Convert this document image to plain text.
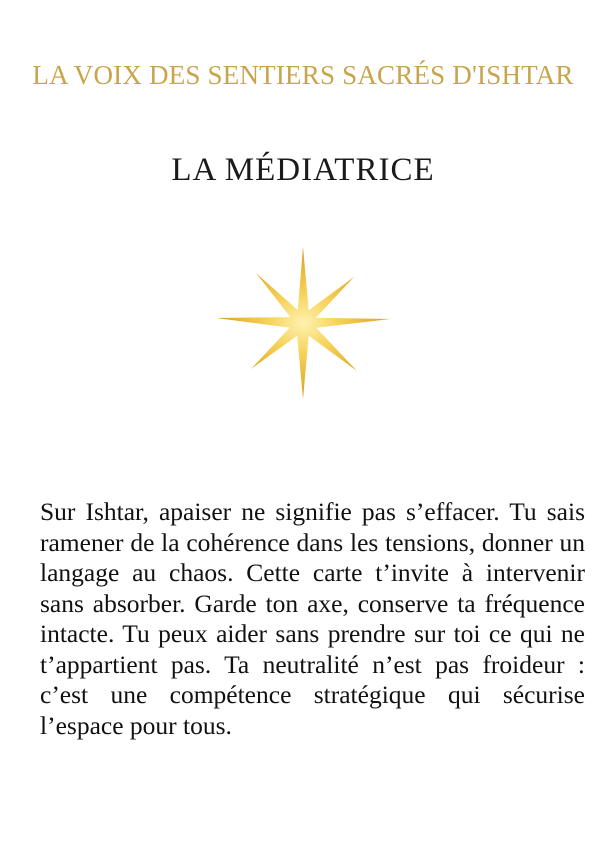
LA VOIX DES SENTIERS SACRÉS D'ISHTAR
LA MÉDIATRICE
Sur Ishtar, apaiser ne signifie pas s’effacer. Tu sais ramener de la cohérence dans les tensions, donner un langage au chaos. Cette carte t’invite à intervenir sans absorber. Garde ton axe, conserve ta fréquence intacte. Tu peux aider sans prendre sur toi ce qui ne t’appartient pas. Ta neutralité n’est pas froideur : c’est une compétence stratégique qui sécurise l’espace pour tous.
